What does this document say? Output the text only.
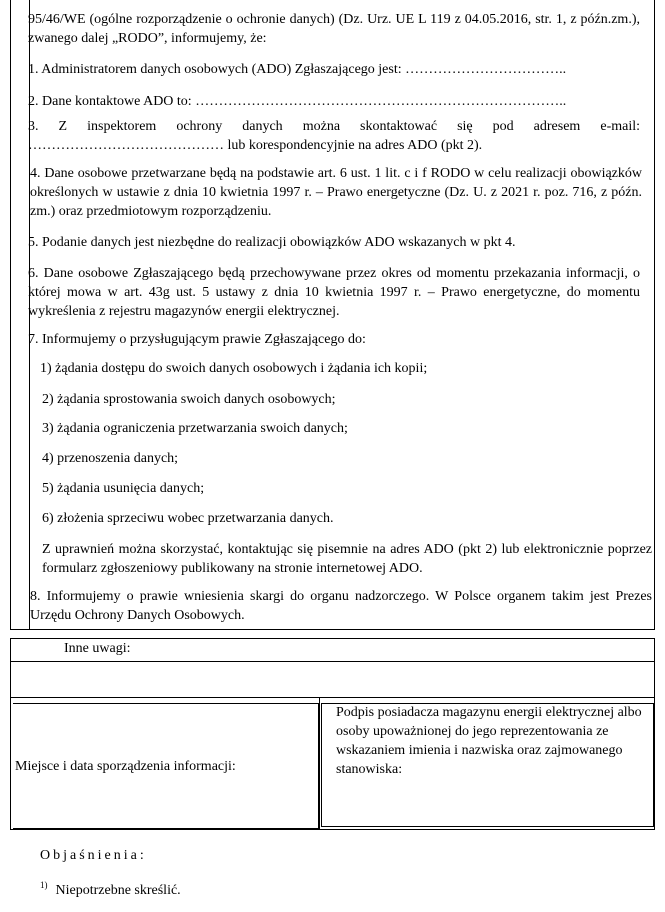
95/46/WE (ogólne rozporządzenie o ochronie danych) (Dz. Urz. UE L 119 z 04.05.2016, str. 1, z późn.zm.), zwanego dalej „RODO”, informujemy, że:

1. Administratorem danych osobowych (ADO) Zgłaszającego jest: ……………………………..

2. Dane kontaktowe ADO to: ……………………………………………………………………..

3. Z inspektorem ochrony danych można skontaktować się pod adresem e-mail: …………………………………… lub korespondencyjnie na adres ADO (pkt 2).

4. Dane osobowe przetwarzane będą na podstawie art. 6 ust. 1 lit. c i f RODO w celu realizacji obowiązków określonych w ustawie z dnia 10 kwietnia 1997 r. – Prawo energetyczne (Dz. U. z 2021 r. poz. 716, z późn. zm.) oraz przedmiotowym rozporządzeniu.

5. Podanie danych jest niezbędne do realizacji obowiązków ADO wskazanych w pkt 4.

6. Dane osobowe Zgłaszającego będą przechowywane przez okres od momentu przekazania informacji, o której mowa w art. 43g ust. 5 ustawy z dnia 10 kwietnia 1997 r. – Prawo energetyczne, do momentu wykreślenia z rejestru magazynów energii elektrycznej.

7. Informujemy o przysługującym prawie Zgłaszającego do:

1) żądania dostępu do swoich danych osobowych i żądania ich kopii;

2) żądania sprostowania swoich danych osobowych;

3) żądania ograniczenia przetwarzania swoich danych;

4) przenoszenia danych;

5) żądania usunięcia danych;

6) złożenia sprzeciwu wobec przetwarzania danych.

Z uprawnień można skorzystać, kontaktując się pisemnie na adres ADO (pkt 2) lub elektronicznie poprzez formularz zgłoszeniowy publikowany na stronie internetowej ADO.

8. Informujemy o prawie wniesienia skargi do organu nadzorczego. W Polsce organem takim jest Prezes Urzędu Ochrony Danych Osobowych.

Inne uwagi:
Miejsce i data sporządzenia informacji:
Podpis posiadacza magazynu energii elektrycznej albo osoby upoważnionej do jego reprezentowania ze wskazaniem imienia i nazwiska oraz zajmowanego stanowiska:
Objaśnienia:
$^{1)}$ Niepotrzebne skreślić.
